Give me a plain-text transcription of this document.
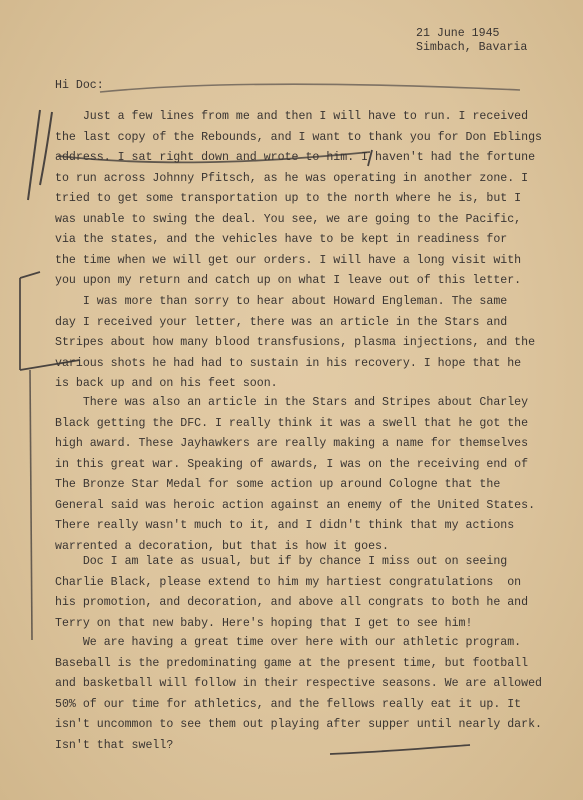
21 June 1945
Simbach, Bavaria
Hi Doc:
Just a few lines from me and then I will have to run. I received
the last copy of the Rebounds, and I want to thank you for Don Eblings
address. I sat right down and wrote to him. I haven't had the fortune
to run across Johnny Pfitsch, as he was operating in another zone. I
tried to get some transportation up to the north where he is, but I
was unable to swing the deal. You see, we are going to the Pacific,
via the states, and the vehicles have to be kept in readiness for
the time when we will get our orders. I will have a long visit with
you upon my return and catch up on what I leave out of this letter.
I was more than sorry to hear about Howard Engleman. The same
day I received your letter, there was an article in the Stars and
Stripes about how many blood transfusions, plasma injections, and the
various shots he had had to sustain in his recovery. I hope that he
is back up and on his feet soon.
There was also an article in the Stars and Stripes about Charley
Black getting the DFC. I really think it was a swell that he got the
high award. These Jayhawkers are really making a name for themselves
in this great war. Speaking of awards, I was on the receiving end of
The Bronze Star Medal for some action up around Cologne that the
General said was heroic action against an enemy of the United States.
There really wasn't much to it, and I didn't think that my actions
warrented a decoration, but that is how it goes.
Doc I am late as usual, but if by chance I miss out on seeing
Charlie Black, please extend to him my hartiest congratulations  on
his promotion, and decoration, and above all congrats to both he and
Terry on that new baby. Here's hoping that I get to see him!
We are having a great time over here with our athletic program.
Baseball is the predominating game at the present time, but football
and basketball will follow in their respective seasons. We are allowed
50% of our time for athletics, and the fellows really eat it up. It
isn't uncommon to see them out playing after supper until nearly dark.
Isn't that swell?
